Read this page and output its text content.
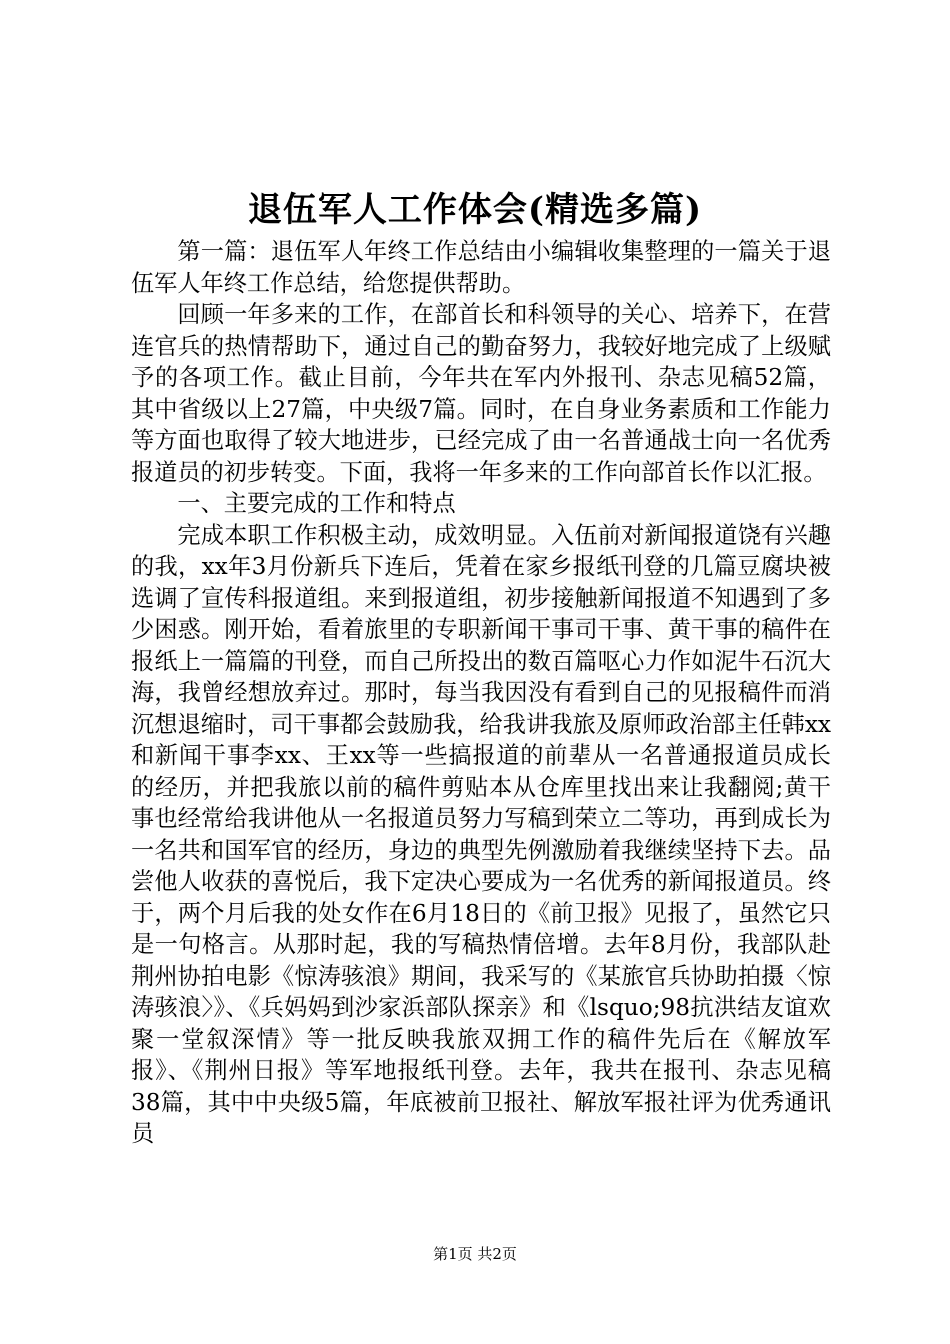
退伍军人工作体会(精选多篇)

第一篇：退伍军人年终工作总结由小编辑收集整理的一篇关于退伍军人年终工作总结，给您提供帮助。

回顾一年多来的工作，在部首长和科领导的关心、培养下，在营连官兵的热情帮助下，通过自己的勤奋努力，我较好地完成了上级赋予的各项工作。截止目前，今年共在军内外报刊、杂志见稿52篇，其中省级以上27篇，中央级7篇。同时，在自身业务素质和工作能力等方面也取得了较大地进步，已经完成了由一名普通战士向一名优秀报道员的初步转变。下面，我将一年多来的工作向部首长作以汇报。

一、主要完成的工作和特点

完成本职工作积极主动，成效明显。入伍前对新闻报道饶有兴趣的我，xx年3月份新兵下连后，凭着在家乡报纸刊登的几篇豆腐块被选调了宣传科报道组。来到报道组，初步接触新闻报道不知遇到了多少困惑。刚开始，看着旅里的专职新闻干事司干事、黄干事的稿件在报纸上一篇篇的刊登，而自己所投出的数百篇呕心力作如泥牛石沉大海，我曾经想放弃过。那时，每当我因没有看到自己的见报稿件而消沉想退缩时，司干事都会鼓励我，给我讲我旅及原师政治部主任韩xx和新闻干事李xx、王xx等一些搞报道的前辈从一名普通报道员成长的经历，并把我旅以前的稿件剪贴本从仓库里找出来让我翻阅;黄干事也经常给我讲他从一名报道员努力写稿到荣立二等功，再到成长为一名共和国军官的经历，身边的典型先例激励着我继续坚持下去。品尝他人收获的喜悦后，我下定决心要成为一名优秀的新闻报道员。终于，两个月后我的处女作在6月18日的《前卫报》见报了，虽然它只是一句格言。从那时起，我的写稿热情倍增。去年8月份，我部队赴荆州协拍电影《惊涛骇浪》期间，我采写的《某旅官兵协助拍摄〈惊涛骇浪〉》、《兵妈妈到沙家浜部队探亲》和《lsquo;98抗洪结友谊欢聚一堂叙深情》等一批反映我旅双拥工作的稿件先后在《解放军报》、《荆州日报》等军地报纸刊登。去年，我共在报刊、杂志见稿38篇，其中中央级5篇，年底被前卫报社、解放军报社评为优秀通讯员

第1页 共2页
